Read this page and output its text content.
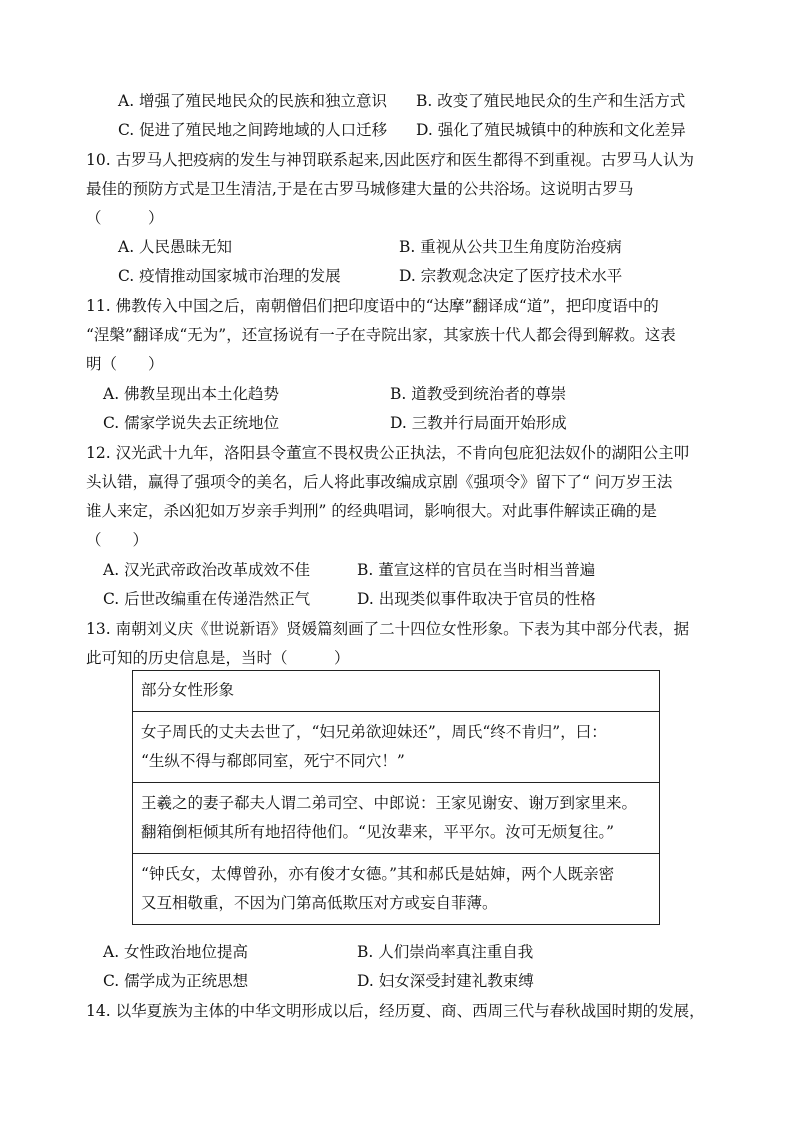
A. 增强了殖民地民众的民族和独立意识 B. 改变了殖民地民众的生产和生活方式
C. 促进了殖民地之间跨地域的人口迁移 D. 强化了殖民城镇中的种族和文化差异
10. 古罗马人把疫病的发生与神罚联系起来,因此医疗和医生都得不到重视。古罗马人认为
最佳的预防方式是卫生清洁,于是在古罗马城修建大量的公共浴场。这说明古罗马
（　　　）
A. 人民愚昧无知	B. 重视从公共卫生角度防治疫病
C. 疫情推动国家城市治理的发展	D. 宗教观念决定了医疗技术水平
11. 佛教传入中国之后，南朝僧侣们把印度语中的“达摩”翻译成“道”，把印度语中的
“涅槃”翻译成“无为”，还宣扬说有一子在寺院出家，其家族十代人都会得到解救。这表
明（　　）
A. 佛教呈现出本土化趋势	B. 道教受到统治者的尊崇
C. 儒家学说失去正统地位	D. 三教并行局面开始形成
12. 汉光武十九年，洛阳县令董宣不畏权贵公正执法，不肯向包庇犯法奴仆的湖阳公主叩
头认错，赢得了强项令的美名，后人将此事改编成京剧《强项令》留下了“ 问万岁王法
谁人来定，杀凶犯如万岁亲手判刑” 的经典唱词，影响很大。对此事件解读正确的是
（　　）
A. 汉光武帝政治改革成效不佳	B. 董宣这样的官员在当时相当普遍
C. 后世改编重在传递浩然正气	D. 出现类似事件取决于官员的性格
13. 南朝刘义庆《世说新语》贤媛篇刻画了二十四位女性形象。下表为其中部分代表，据
此可知的历史信息是，当时（　　　）
部分女性形象

女子周氏的丈夫去世了，“妇兄弟欲迎妹还”，周氏“终不肯归”，曰：
“生纵不得与郗郎同室，死宁不同穴！”

王羲之的妻子郗夫人谓二弟司空、中郎说：王家见谢安、谢万到家里来。
翻箱倒柜倾其所有地招待他们。“见汝辈来，平平尔。汝可无烦复往。”

“钟氏女，太傅曾孙，亦有俊才女德。”其和郝氏是姑婶，两个人既亲密
又互相敬重，不因为门第高低欺压对方或妄自菲薄。
A. 女性政治地位提高	B. 人们崇尚率真注重自我
C. 儒学成为正统思想	D. 妇女深受封建礼教束缚
14. 以华夏族为主体的中华文明形成以后，经历夏、商、西周三代与春秋战国时期的发展，
